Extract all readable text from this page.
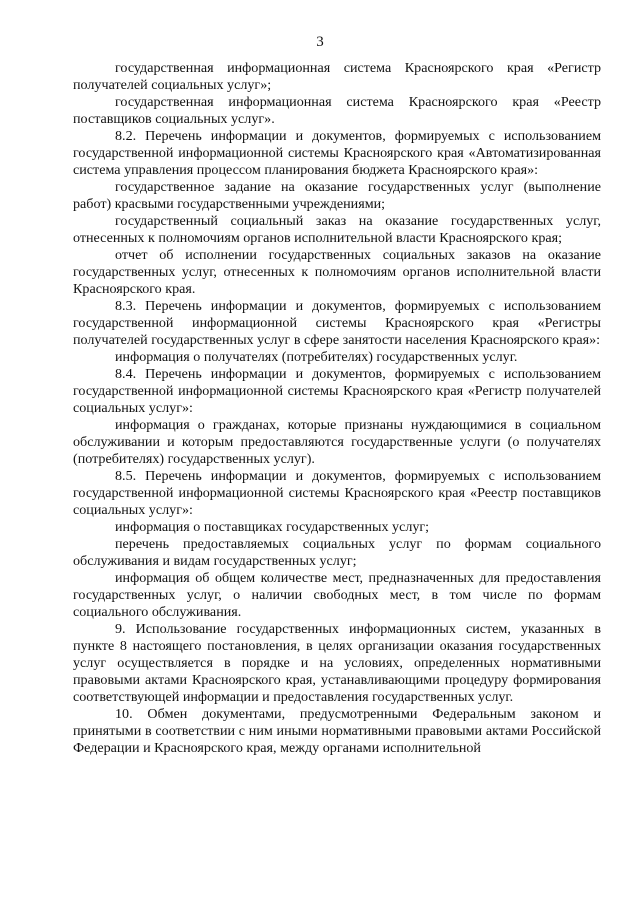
3

государственная информационная система Красноярского края «Регистр получателей социальных услуг»;

государственная информационная система Красноярского края «Реестр поставщиков социальных услуг».

8.2. Перечень информации и документов, формируемых с использованием государственной информационной системы Красноярского края «Автоматизированная система управления процессом планирования бюджета Красноярского края»:

государственное задание на оказание государственных услуг (выполнение работ) красвыми государственными учреждениями;

государственный социальный заказ на оказание государственных услуг, отнесенных к полномочиям органов исполнительной власти Красноярского края;

отчет об исполнении государственных социальных заказов на оказание государственных услуг, отнесенных к полномочиям органов исполнительной власти Красноярского края.

8.3. Перечень информации и документов, формируемых с использованием государственной информационной системы Красноярского края «Регистры получателей государственных услуг в сфере занятости населения Красноярского края»:

информация о получателях (потребителях) государственных услуг.

8.4. Перечень информации и документов, формируемых с использованием государственной информационной системы Красноярского края «Регистр получателей социальных услуг»:

информация о гражданах, которые признаны нуждающимися в социальном обслуживании и которым предоставляются государственные услуги (о получателях (потребителях) государственных услуг).

8.5. Перечень информации и документов, формируемых с использованием государственной информационной системы Красноярского края «Реестр поставщиков социальных услуг»:

информация о поставщиках государственных услуг;

перечень предоставляемых социальных услуг по формам социального обслуживания и видам государственных услуг;

информация об общем количестве мест, предназначенных для предоставления государственных услуг, о наличии свободных мест, в том числе по формам социального обслуживания.

9. Использование государственных информационных систем, указанных в пункте 8 настоящего постановления, в целях организации оказания государственных услуг осуществляется в порядке и на условиях, определенных нормативными правовыми актами Красноярского края, устанавливающими процедуру формирования соответствующей информации и предоставления государственных услуг.

10. Обмен документами, предусмотренными Федеральным законом и принятыми в соответствии с ним иными нормативными правовыми актами Российской Федерации и Красноярского края, между органами исполнительной
